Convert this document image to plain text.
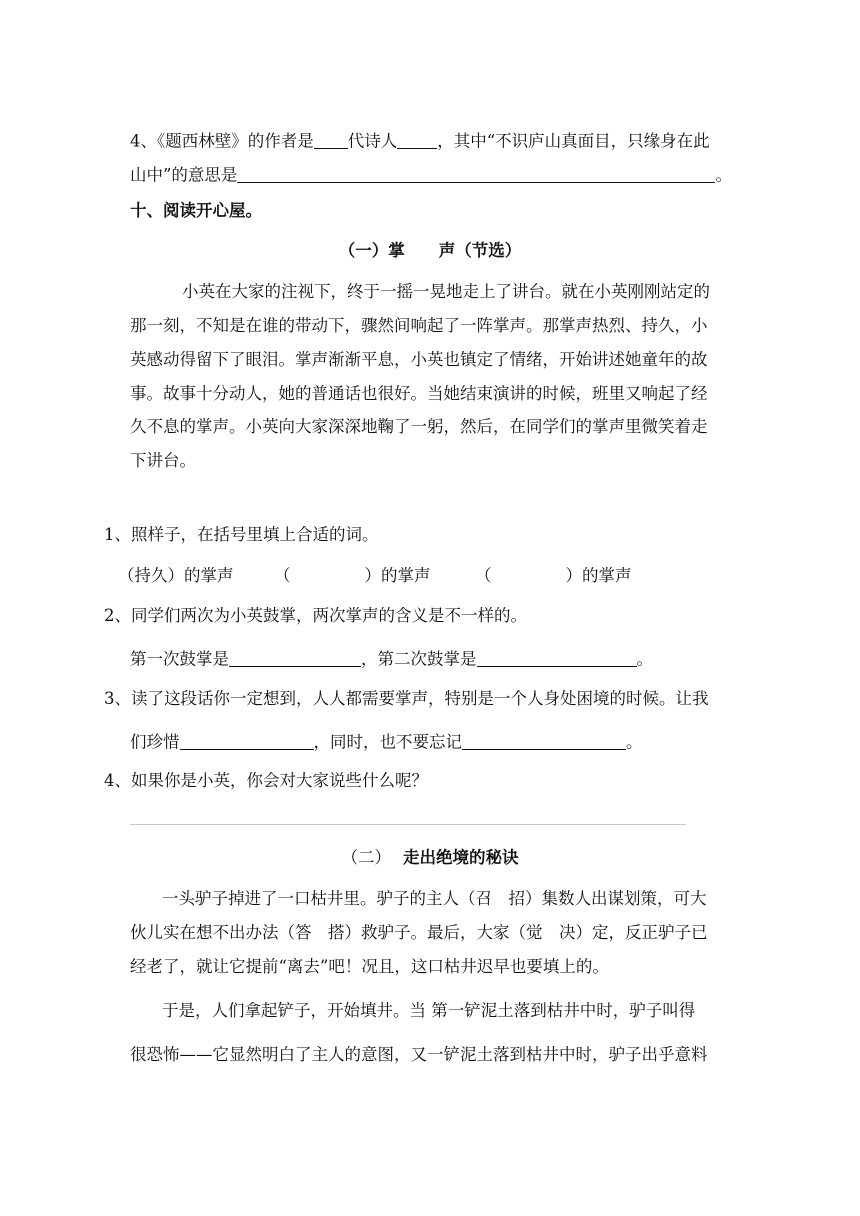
4、《题西林壁》的作者是 代诗人 ，其中“不识庐山真面目，只缘身在此
山中”的意思是	。
十、阅读开心屋。
（一）掌 声（节选）
小英在大家的注视下，终于一摇一晃地走上了讲台。就在小英刚刚站定的
那一刻，不知是在谁的带动下，骤然间响起了一阵掌声。那掌声热烈、持久，小
英感动得留下了眼泪。掌声渐渐平息，小英也镇定了情绪，开始讲述她童年的故
事。故事十分动人，她的普通话也很好。当她结束演讲的时候，班里又响起了经
久不息的掌声。小英向大家深深地鞠了一躬，然后，在同学们的掌声里微笑着走
下讲台。
1、照样子，在括号里填上合适的词。
（持久）的掌声 （	）的掌声	（	）的掌声
2、同学们两次为小英鼓掌，两次掌声的含义是不一样的。
第一次鼓掌是	，第二次鼓掌是	。
3、读了这段话你一定想到，人人都需要掌声，特别是一个人身处困境的时候。让我
们珍惜	，同时，也不要忘记	。
4、如果你是小英，你会对大家说些什么呢？
（二） 走出绝境的秘诀
一头驴子掉进了一口枯井里。驴子的主人（召　招）集数人出谋划策，可大
伙儿实在想不出办法（答　搭）救驴子。最后，大家（觉　决）定，反正驴子已
经老了，就让它提前“离去”吧！况且，这口枯井迟早也要填上的。
于是，人们拿起铲子，开始填井。当 第一铲泥土落到枯井中时，驴子叫得
很恐怖——它显然明白了主人的意图，又一铲泥土落到枯井中时，驴子出乎意料
